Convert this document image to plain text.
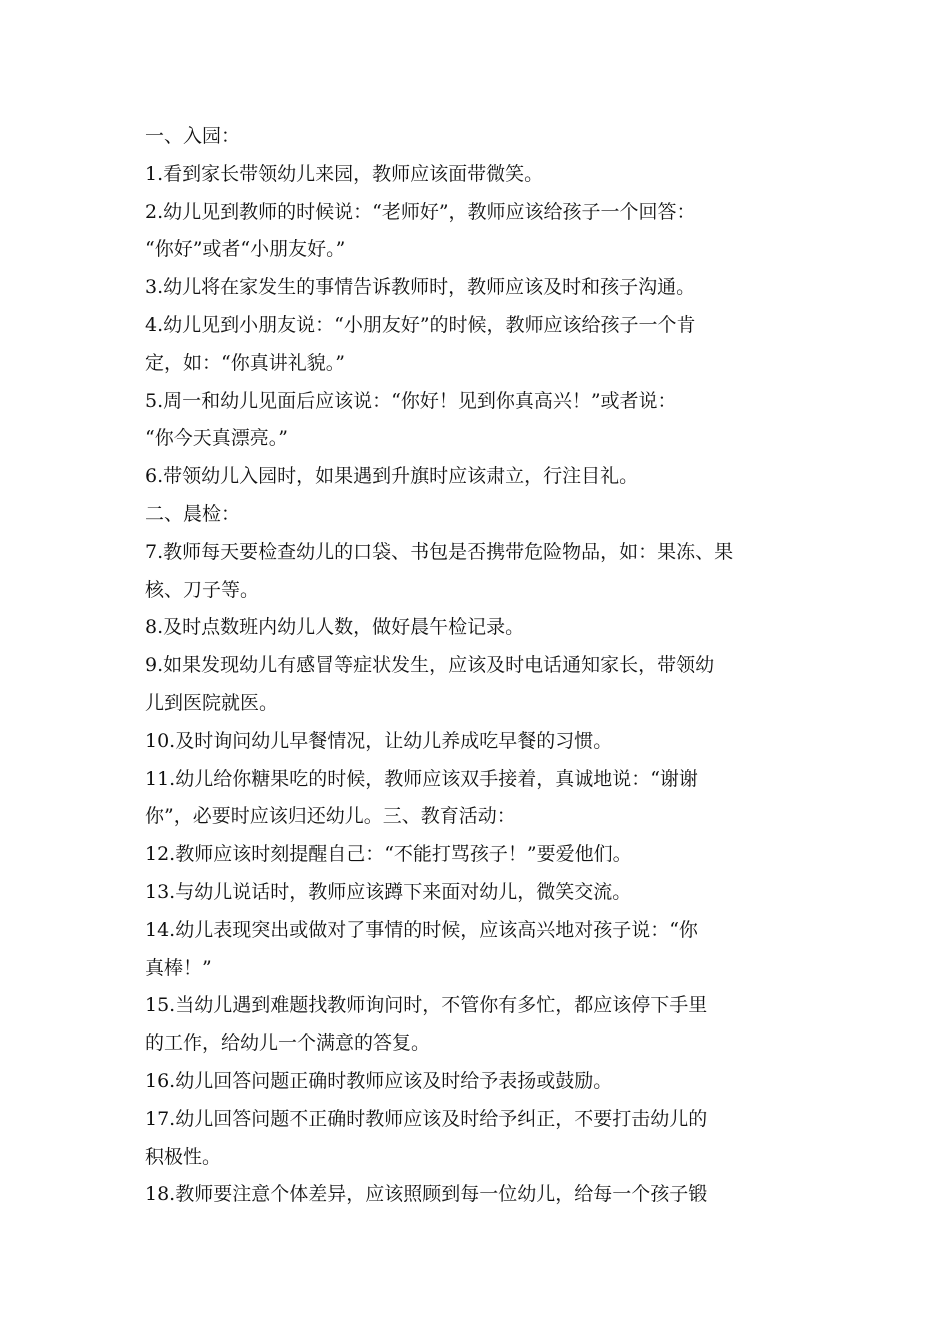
一、入园：
1.看到家长带领幼儿来园，教师应该面带微笑。
2.幼儿见到教师的时候说：“老师好”，教师应该给孩子一个回答：
“你好”或者“小朋友好。”
3.幼儿将在家发生的事情告诉教师时，教师应该及时和孩子沟通。
4.幼儿见到小朋友说：“小朋友好”的时候，教师应该给孩子一个肯
定，如：“你真讲礼貌。”
5.周一和幼儿见面后应该说：“你好！见到你真高兴！”或者说：
“你今天真漂亮。”
6.带领幼儿入园时，如果遇到升旗时应该肃立，行注目礼。
二、晨检：
7.教师每天要检查幼儿的口袋、书包是否携带危险物品，如：果冻、果
核、刀子等。
8.及时点数班内幼儿人数，做好晨午检记录。
9.如果发现幼儿有感冒等症状发生，应该及时电话通知家长，带领幼
儿到医院就医。
10.及时询问幼儿早餐情况，让幼儿养成吃早餐的习惯。
11.幼儿给你糖果吃的时候，教师应该双手接着，真诚地说：“谢谢
你”，必要时应该归还幼儿。三、教育活动：
12.教师应该时刻提醒自己：“不能打骂孩子！”要爱他们。
13.与幼儿说话时，教师应该蹲下来面对幼儿，微笑交流。
14.幼儿表现突出或做对了事情的时候，应该高兴地对孩子说：“你
真棒！”
15.当幼儿遇到难题找教师询问时，不管你有多忙，都应该停下手里
的工作，给幼儿一个满意的答复。
16.幼儿回答问题正确时教师应该及时给予表扬或鼓励。
17.幼儿回答问题不正确时教师应该及时给予纠正，不要打击幼儿的
积极性。
18.教师要注意个体差异，应该照顾到每一位幼儿，给每一个孩子锻
